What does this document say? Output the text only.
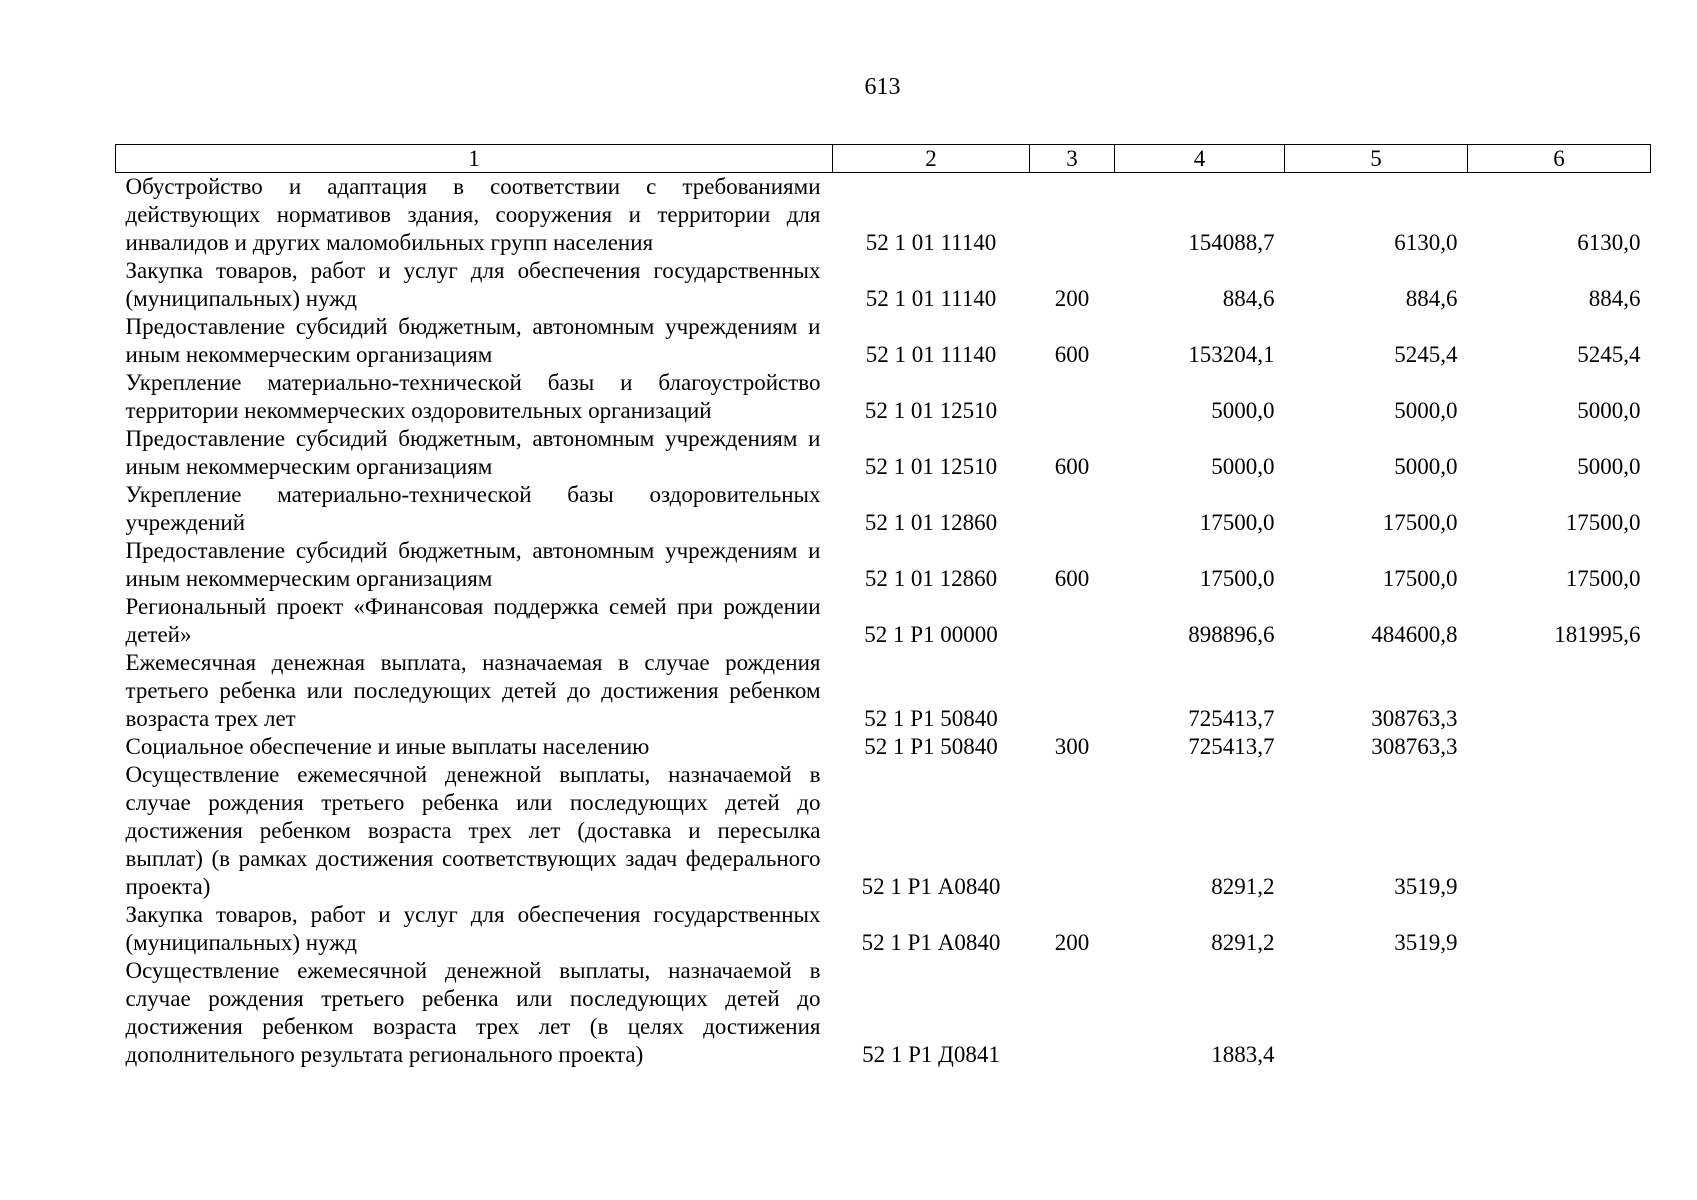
613
1	2	3	4	5	6
Обустройство и адаптация в соответствии с требованиями действующих нормативов здания, сооружения и территории для инвалидов и других маломобильных групп населения	52 1 01 11140		154088,7	6130,0	6130,0
Закупка товаров, работ и услуг для обеспечения государственных (муниципальных) нужд	52 1 01 11140	200	884,6	884,6	884,6
Предоставление субсидий бюджетным, автономным учреждениям и иным некоммерческим организациям	52 1 01 11140	600	153204,1	5245,4	5245,4
Укрепление материально-технической базы и благоустройство территории некоммерческих оздоровительных организаций	52 1 01 12510		5000,0	5000,0	5000,0
Предоставление субсидий бюджетным, автономным учреждениям и иным некоммерческим организациям	52 1 01 12510	600	5000,0	5000,0	5000,0
Укрепление материально-технической базы оздоровительных учреждений	52 1 01 12860		17500,0	17500,0	17500,0
Предоставление субсидий бюджетным, автономным учреждениям и иным некоммерческим организациям	52 1 01 12860	600	17500,0	17500,0	17500,0
Региональный проект «Финансовая поддержка семей при рождении детей»	52 1 Р1 00000		898896,6	484600,8	181995,6
Ежемесячная денежная выплата, назначаемая в случае рождения третьего ребенка или последующих детей до достижения ребенком возраста трех лет	52 1 Р1 50840		725413,7	308763,3	
Социальное обеспечение и иные выплаты населению	52 1 Р1 50840	300	725413,7	308763,3	
Осуществление ежемесячной денежной выплаты, назначаемой в случае рождения третьего ребенка или последующих детей до достижения ребенком возраста трех лет (доставка и пересылка выплат) (в рамках достижения соответствующих задач федерального проекта)	52 1 Р1 А0840		8291,2	3519,9	
Закупка товаров, работ и услуг для обеспечения государственных (муниципальных) нужд	52 1 Р1 А0840	200	8291,2	3519,9	
Осуществление ежемесячной денежной выплаты, назначаемой в случае рождения третьего ребенка или последующих детей до достижения ребенком возраста трех лет (в целях достижения дополнительного результата регионального проекта)	52 1 Р1 Д0841		1883,4		
